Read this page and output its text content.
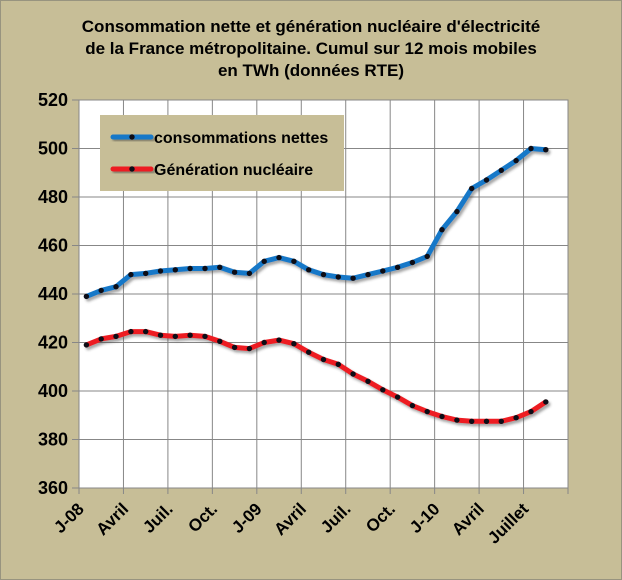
Consommation nette et génération nucléaire d'électricité
de la France métropolitaine. Cumul sur 12 mois mobiles
en TWh (données RTE)
360
380
400
420
440
460
480
500
520
J-08 Avril Juil. Oct. J-09 Avril Juil. Oct. J-10 Avril
Juillet
consommations nettes
Génération nucléaire
